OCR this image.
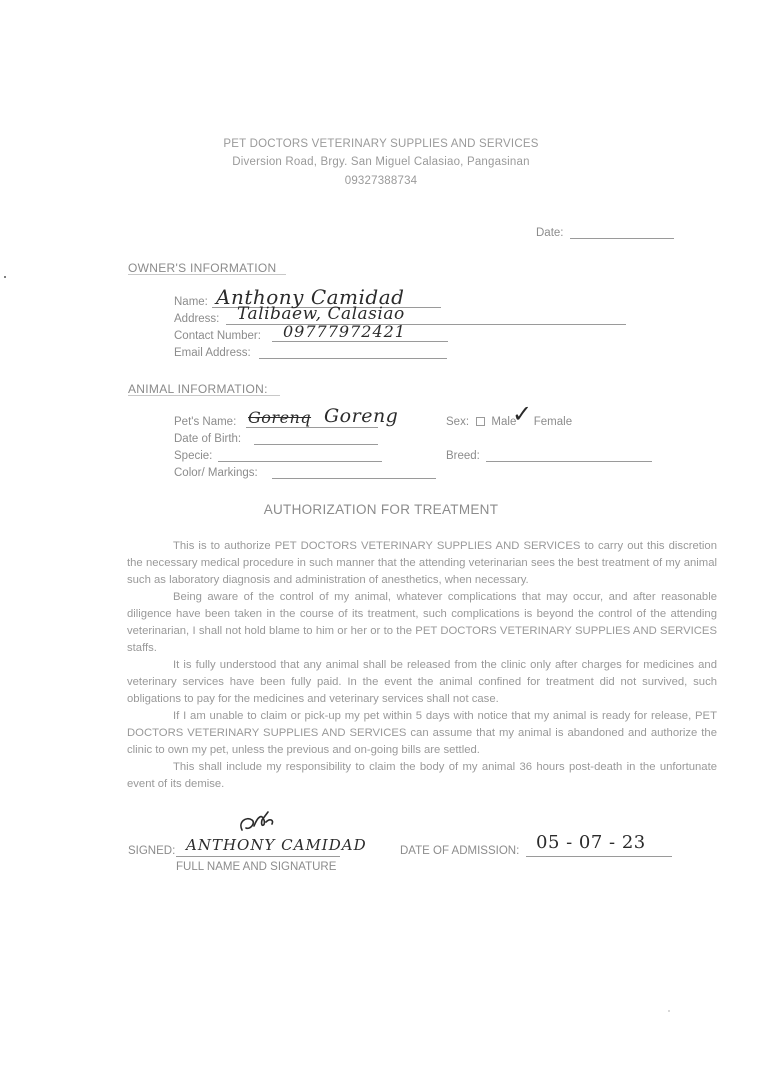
PET DOCTORS VETERINARY SUPPLIES AND SERVICES
Diversion Road, Brgy. San Miguel Calasiao, Pangasinan
09327388734
Date:
OWNER'S INFORMATION
Name: Anthony Camidad
Address: Talibaew, Calasiao
Contact Number: 09777972421
Email Address:
ANIMAL INFORMATION:
Pet's Name: Gorenq Goreng	Sex: Male Female
✓
Date of Birth:
Specie:	Breed:
Color/ Markings:
AUTHORIZATION FOR TREATMENT

This is to authorize PET DOCTORS VETERINARY SUPPLIES AND SERVICES to carry out this discretion the necessary medical procedure in such manner that the attending veterinarian sees the best treatment of my animal such as laboratory diagnosis and administration of anesthetics, when necessary.

Being aware of the control of my animal, whatever complications that may occur, and after reasonable diligence have been taken in the course of its treatment, such complications is beyond the control of the attending veterinarian, I shall not hold blame to him or her or to the PET DOCTORS VETERINARY SUPPLIES AND SERVICES staffs.

It is fully understood that any animal shall be released from the clinic only after charges for medicines and veterinary services have been fully paid. In the event the animal confined for treatment did not survived, such obligations to pay for the medicines and veterinary services shall not case.

If I am unable to claim or pick-up my pet within 5 days with notice that my animal is ready for release, PET DOCTORS VETERINARY SUPPLIES AND SERVICES can assume that my animal is abandoned and authorize the clinic to own my pet, unless the previous and on-going bills are settled.

This shall include my responsibility to claim the body of my animal 36 hours post-death in the unfortunate event of its demise.

SIGNED: ANTHONY CAMIDAD
FULL NAME AND SIGNATURE
DATE OF ADMISSION: 05 - 07 - 23
